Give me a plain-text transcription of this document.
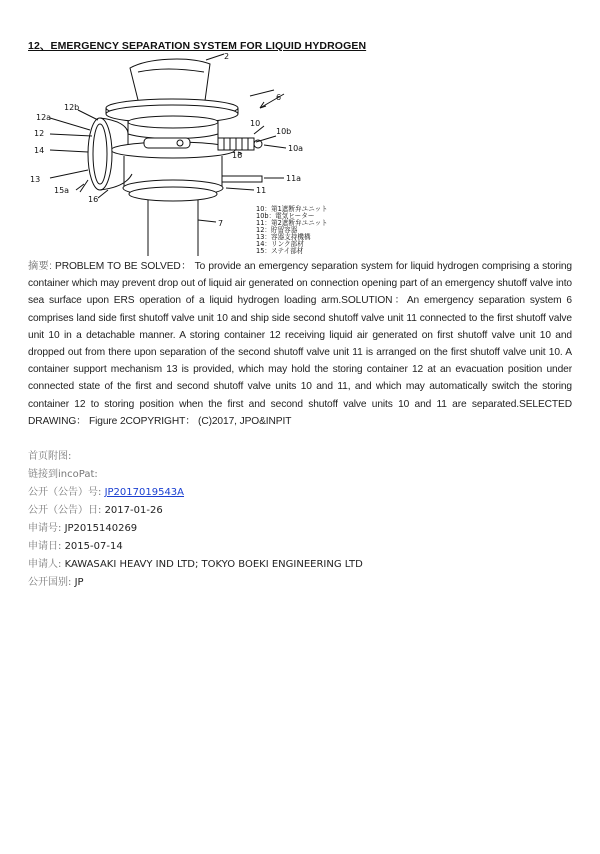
12、EMERGENCY SEPARATION SYSTEM FOR LIQUID HYDROGEN
2
6
10
10b
10a
16
11a
11
7
12b
12a
12
14
13
15a
16
10：第1遮断弁ユニット
10b：電気ヒーター
11：第2遮断弁ユニット
12：貯留容器
13：容器支持機構
14：リンク部材
15：ステイ部材
摘要: PROBLEM TO BE SOLVED： To provide an emergency separation system for liquid hydrogen comprising a storing container which may prevent drop out of liquid air generated on connection opening part of an emergency shutoff valve into sea surface upon ERS operation of a liquid hydrogen loading arm.SOLUTION：An emergency separation system 6 comprises land side first shutoff valve unit 10 and ship side second shutoff valve unit 11 connected to the first shutoff valve unit 10 in a detachable manner. A storing container 12 receiving liquid air generated on first shutoff valve unit 10 and dropped out from there upon separation of the second shutoff valve unit 11 is arranged on the first shutoff valve unit 10. A container support mechanism 13 is provided, which may hold the storing container 12 at an evacuation position under connected state of the first and second shutoff valve units 10 and 11, and which may automatically switch the storing container 12 to storing position when the first and second shutoff valve units 10 and 11 are separated.SELECTED DRAWING： Figure 2COPYRIGHT： (C)2017, JPO&INPIT
首页附图:
链接到incoPat:
公开（公告）号: JP2017019543A
公开（公告）日: 2017-01-26
申请号: JP2015140269
申请日: 2015-07-14
申请人: KAWASAKI HEAVY IND LTD; TOKYO BOEKI ENGINEERING LTD
公开国别: JP
